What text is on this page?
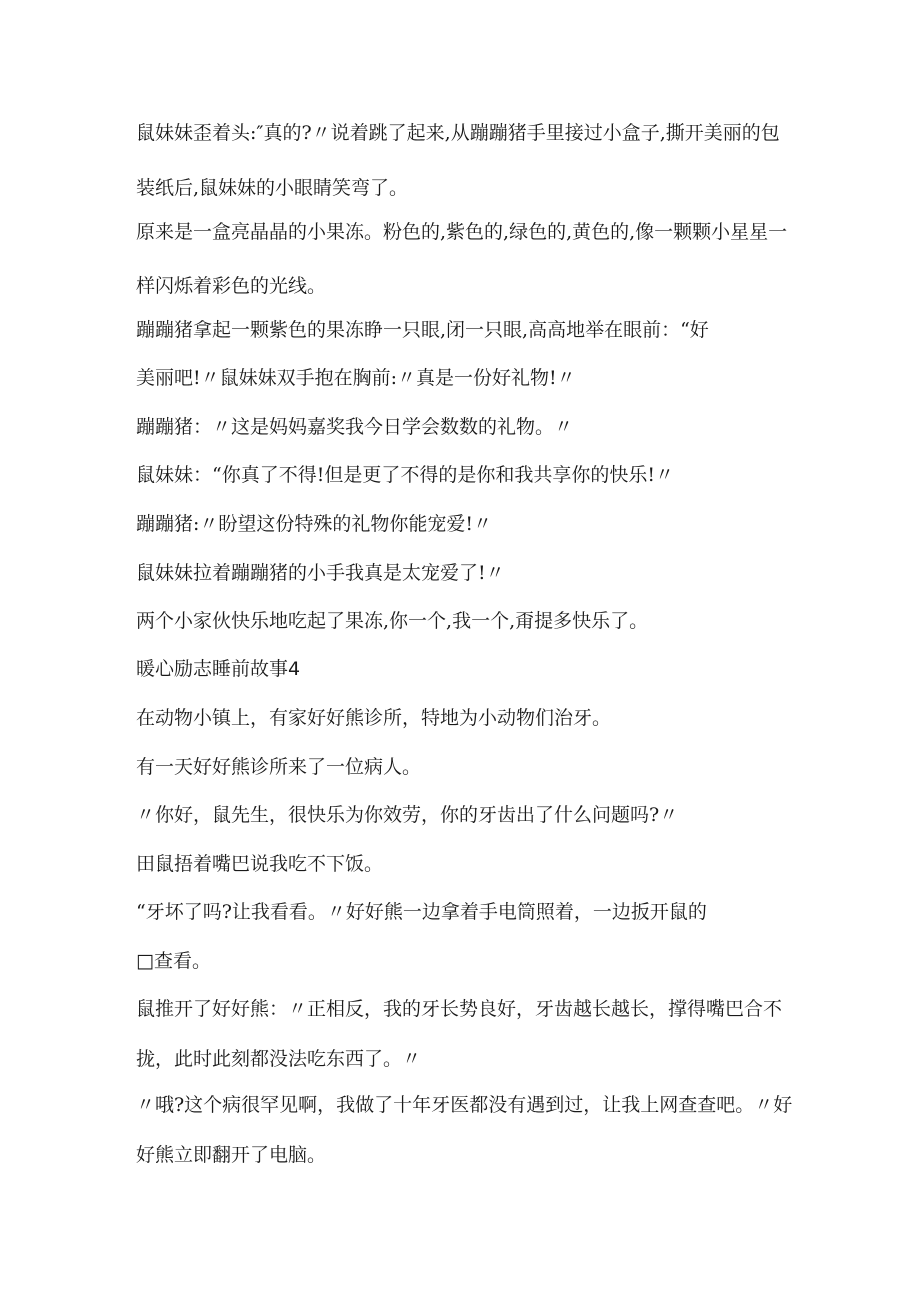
鼠妹妹歪着头:″真的?〃说着跳了起来,从蹦蹦猪手里接过小盒子,撕开美丽的包
装纸后,鼠妹妹的小眼睛笑弯了。
原来是一盒亮晶晶的小果冻。粉色的,紫色的,绿色的,黄色的,像一颗颗小星星一
样闪烁着彩色的光线。
蹦蹦猪拿起一颗紫色的果冻睁一只眼,闭一只眼,高高地举在眼前：“好
美丽吧!〃鼠妹妹双手抱在胸前:〃真是一份好礼物!〃
蹦蹦猪：〃这是妈妈嘉奖我今日学会数数的礼物。〃
鼠妹妹：“你真了不得!但是更了不得的是你和我共享你的快乐!〃
蹦蹦猪:〃盼望这份特殊的礼物你能宠爱!〃
鼠妹妹拉着蹦蹦猪的小手我真是太宠爱了!〃
两个小家伙快乐地吃起了果冻,你一个,我一个,甭提多快乐了。
暖心励志睡前故事4
在动物小镇上，有家好好熊诊所，特地为小动物们治牙。
有一天好好熊诊所来了一位病人。
〃你好，鼠先生，很快乐为你效劳，你的牙齿出了什么问题吗?〃
田鼠捂着嘴巴说我吃不下饭。
“牙坏了吗?让我看看。〃好好熊一边拿着手电筒照着，一边扳开鼠的
□查看。
鼠推开了好好熊：〃正相反，我的牙长势良好，牙齿越长越长，撑得嘴巴合不
拢，此时此刻都没法吃东西了。〃
〃哦?这个病很罕见啊，我做了十年牙医都没有遇到过，让我上网查查吧。〃好
好熊立即翻开了电脑。
